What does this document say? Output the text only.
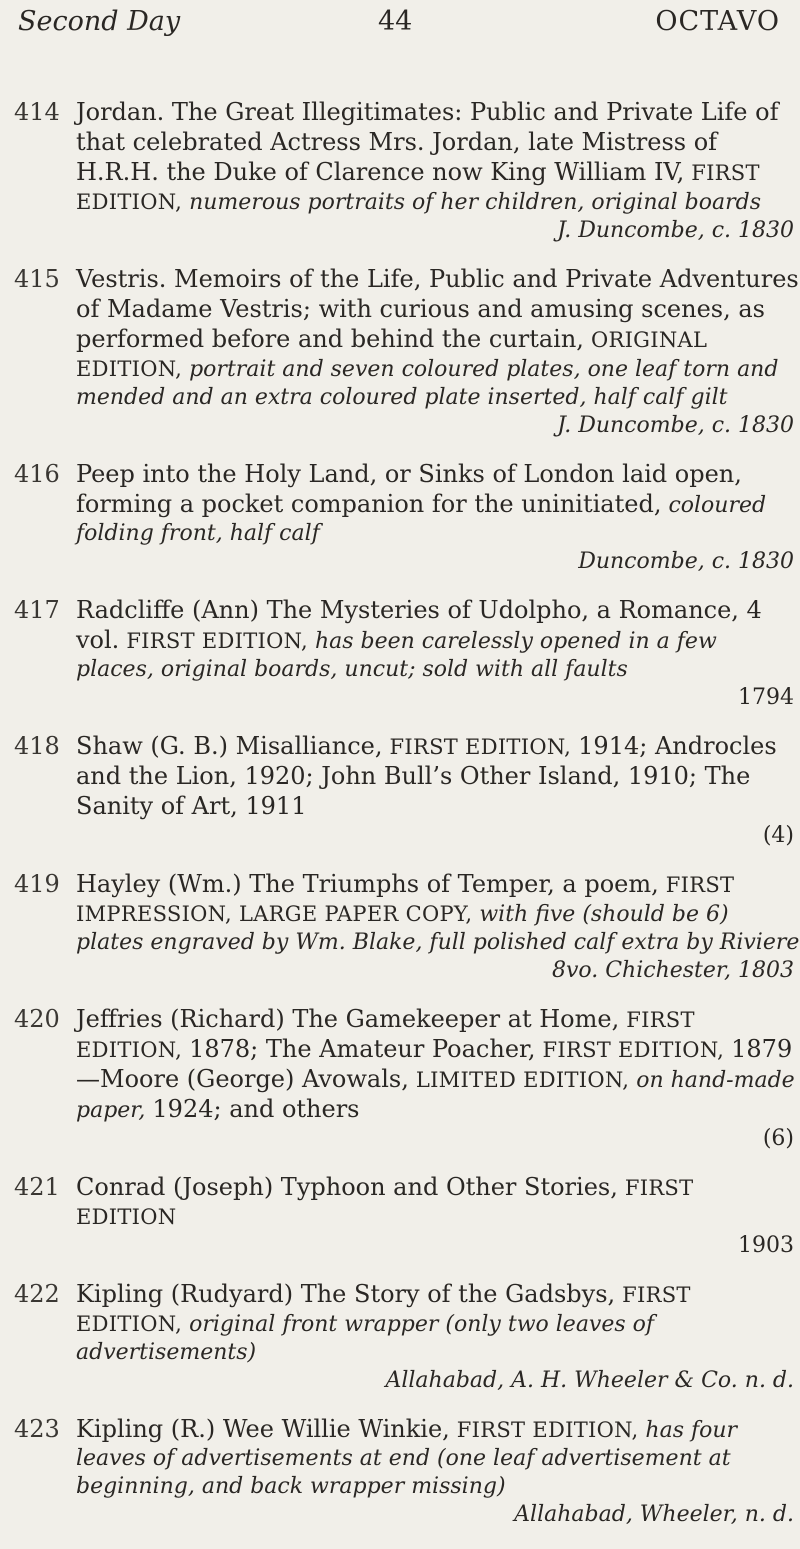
Second Day	44	OCTAVO
414 Jordan. The Great Illegitimates: Public and Private Life of that celebrated Actress Mrs. Jordan, late Mistress of H.R.H. the Duke of Clarence now King William IV, FIRST EDITION, numerous portraits of her children, original boards
J. Duncombe, c. 1830
415 Vestris. Memoirs of the Life, Public and Private Adventures of Madame Vestris; with curious and amusing scenes, as performed before and behind the curtain, ORIGINAL EDITION, portrait and seven coloured plates, one leaf torn and mended and an extra coloured plate inserted, half calf gilt
J. Duncombe, c. 1830
416 Peep into the Holy Land, or Sinks of London laid open, forming a pocket companion for the uninitiated, coloured folding front, half calf
Duncombe, c. 1830
417 Radcliffe (Ann) The Mysteries of Udolpho, a Romance, 4 vol. FIRST EDITION, has been carelessly opened in a few places, original boards, uncut; sold with all faults
1794
418 Shaw (G. B.) Misalliance, FIRST EDITION, 1914; Androcles and the Lion, 1920; John Bull’s Other Island, 1910; The Sanity of Art, 1911
(4)
419 Hayley (Wm.) The Triumphs of Temper, a poem, FIRST IMPRESSION, LARGE PAPER COPY, with five (should be 6) plates engraved by Wm. Blake, full polished calf extra by Riviere
8vo. Chichester, 1803
420 Jeffries (Richard) The Gamekeeper at Home, FIRST EDITION, 1878; The Amateur Poacher, FIRST EDITION, 1879—Moore (George) Avowals, LIMITED EDITION, on hand-made paper, 1924; and others
(6)
421 Conrad (Joseph) Typhoon and Other Stories, FIRST EDITION
1903
422 Kipling (Rudyard) The Story of the Gadsbys, FIRST EDITION, original front wrapper (only two leaves of advertisements)
Allahabad, A. H. Wheeler & Co. n. d.
423 Kipling (R.) Wee Willie Winkie, FIRST EDITION, has four leaves of advertisements at end (one leaf advertisement at beginning, and back wrapper missing)
Allahabad, Wheeler, n. d.
